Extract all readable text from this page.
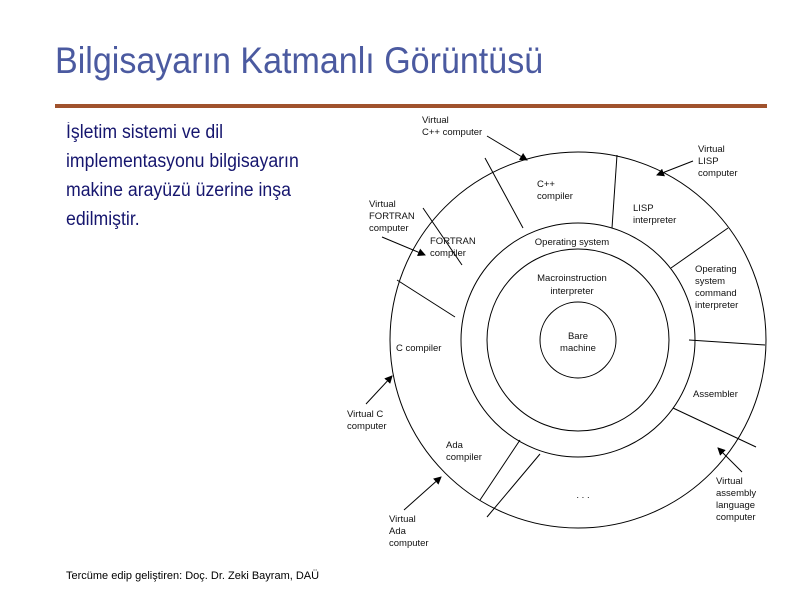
Bilgisayarın Katmanlı Görüntüsü
İşletim sistemi ve dil
implementasyonu bilgisayarın
makine arayüzü üzerine inşa
edilmiştir.
Bare
machine
Macroinstruction
interpreter
Operating system
C++
compiler
LISP
interpreter
FORTRAN
compiler
Operating
system
command
interpreter
C compiler
Assembler
Ada
compiler
. . .
Virtual
C++ computer
Virtual
LISP
computer
Virtual
FORTRAN
computer
Virtual C
computer
Virtual
Ada
computer
Virtual
assembly
language
computer
Tercüme edip geliştiren: Doç. Dr. Zeki Bayram, DAÜ
